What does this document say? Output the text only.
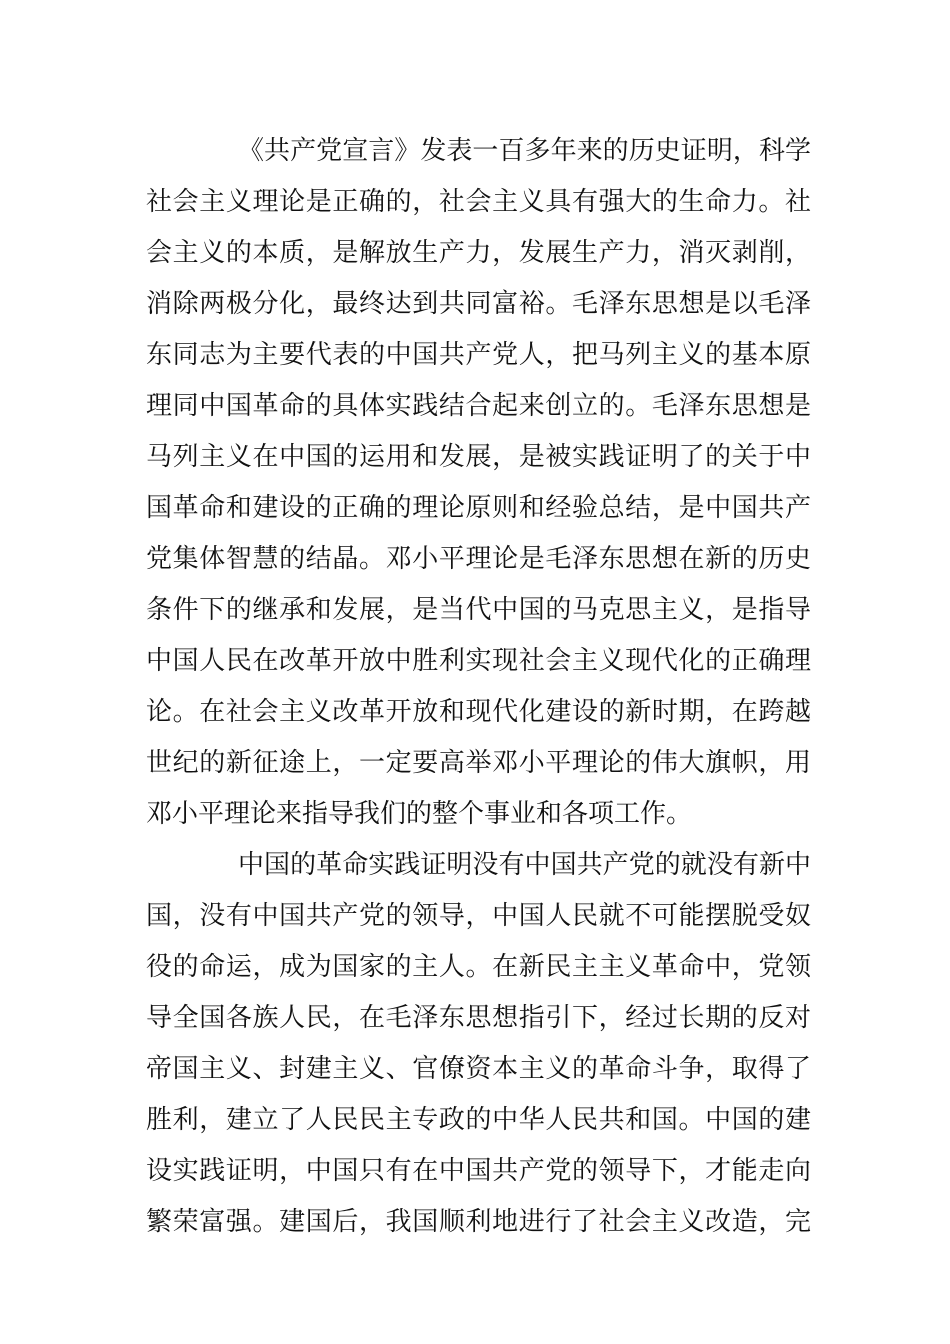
《共产党宣言》发表一百多年来的历史证明，科学
社会主义理论是正确的，社会主义具有强大的生命力。社
会主义的本质，是解放生产力，发展生产力，消灭剥削，
消除两极分化，最终达到共同富裕。毛泽东思想是以毛泽
东同志为主要代表的中国共产党人，把马列主义的基本原
理同中国革命的具体实践结合起来创立的。毛泽东思想是
马列主义在中国的运用和发展，是被实践证明了的关于中
国革命和建设的正确的理论原则和经验总结，是中国共产
党集体智慧的结晶。邓小平理论是毛泽东思想在新的历史
条件下的继承和发展，是当代中国的马克思主义，是指导
中国人民在改革开放中胜利实现社会主义现代化的正确理
论。在社会主义改革开放和现代化建设的新时期，在跨越
世纪的新征途上，一定要高举邓小平理论的伟大旗帜，用
邓小平理论来指导我们的整个事业和各项工作。
中国的革命实践证明没有中国共产党的就没有新中
国，没有中国共产党的领导，中国人民就不可能摆脱受奴
役的命运，成为国家的主人。在新民主主义革命中，党领
导全国各族人民，在毛泽东思想指引下，经过长期的反对
帝国主义、封建主义、官僚资本主义的革命斗争，取得了
胜利，建立了人民民主专政的中华人民共和国。中国的建
设实践证明，中国只有在中国共产党的领导下，才能走向
繁荣富强。建国后，我国顺利地进行了社会主义改造，完
